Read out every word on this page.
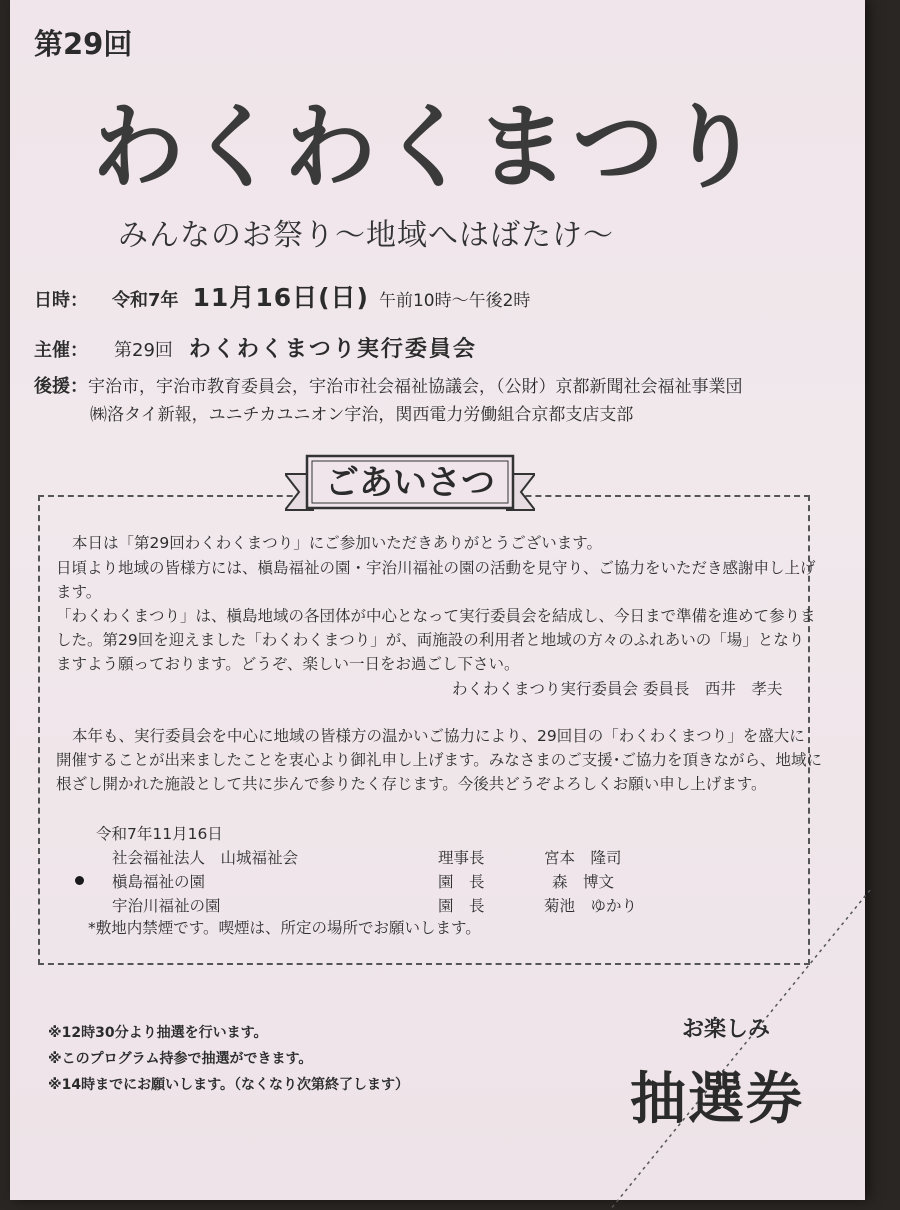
第29回
わくわくまつり
みんなのお祭り～地域へはばたけ～
日時： 令和7年 11月16日(日) 午前10時～午後2時
主催： 第29回 わくわくまつり実行委員会
後援：宇治市，宇治市教育委員会，宇治市社会福祉協議会，（公財）京都新聞社会福祉事業団
㈱洛タイ新報，ユニチカユニオン宇治，関西電力労働組合京都支店支部
ごあいさつ
本日は「第29回わくわくまつり」にご参加いただきありがとうございます。
日頃より地域の皆様方には、槇島福祉の園・宇治川福祉の園の活動を見守り、ご協力をいただき感謝申し上げ
ます。
「わくわくまつり」は、槇島地域の各団体が中心となって実行委員会を結成し、今日まで準備を進めて参りま
した。第29回を迎えました「わくわくまつり」が、両施設の利用者と地域の方々のふれあいの「場」となり
ますよう願っております。どうぞ、楽しい一日をお過ごし下さい。
わくわくまつり実行委員会 委員長　西井　孝夫
本年も、実行委員会を中心に地域の皆様方の温かいご協力により、29回目の「わくわくまつり」を盛大に
開催することが出来ましたことを衷心より御礼申し上げます。みなさまのご支援･ご協力を頂きながら、地域に
根ざし開かれた施設として共に歩んで参りたく存じます。今後共どうぞよろしくお願い申し上げます。
令和7年11月16日
社会福祉法人　山城福祉会	理事長	宮本　隆司
槇島福祉の園	園　長	森　博文
宇治川福祉の園	園　長	菊池　ゆかり
*敷地内禁煙です。喫煙は、所定の場所でお願いします。
※12時30分より抽選を行います。
※このプログラム持参で抽選ができます。
※14時までにお願いします。（なくなり次第終了します）
お楽しみ
抽選券
